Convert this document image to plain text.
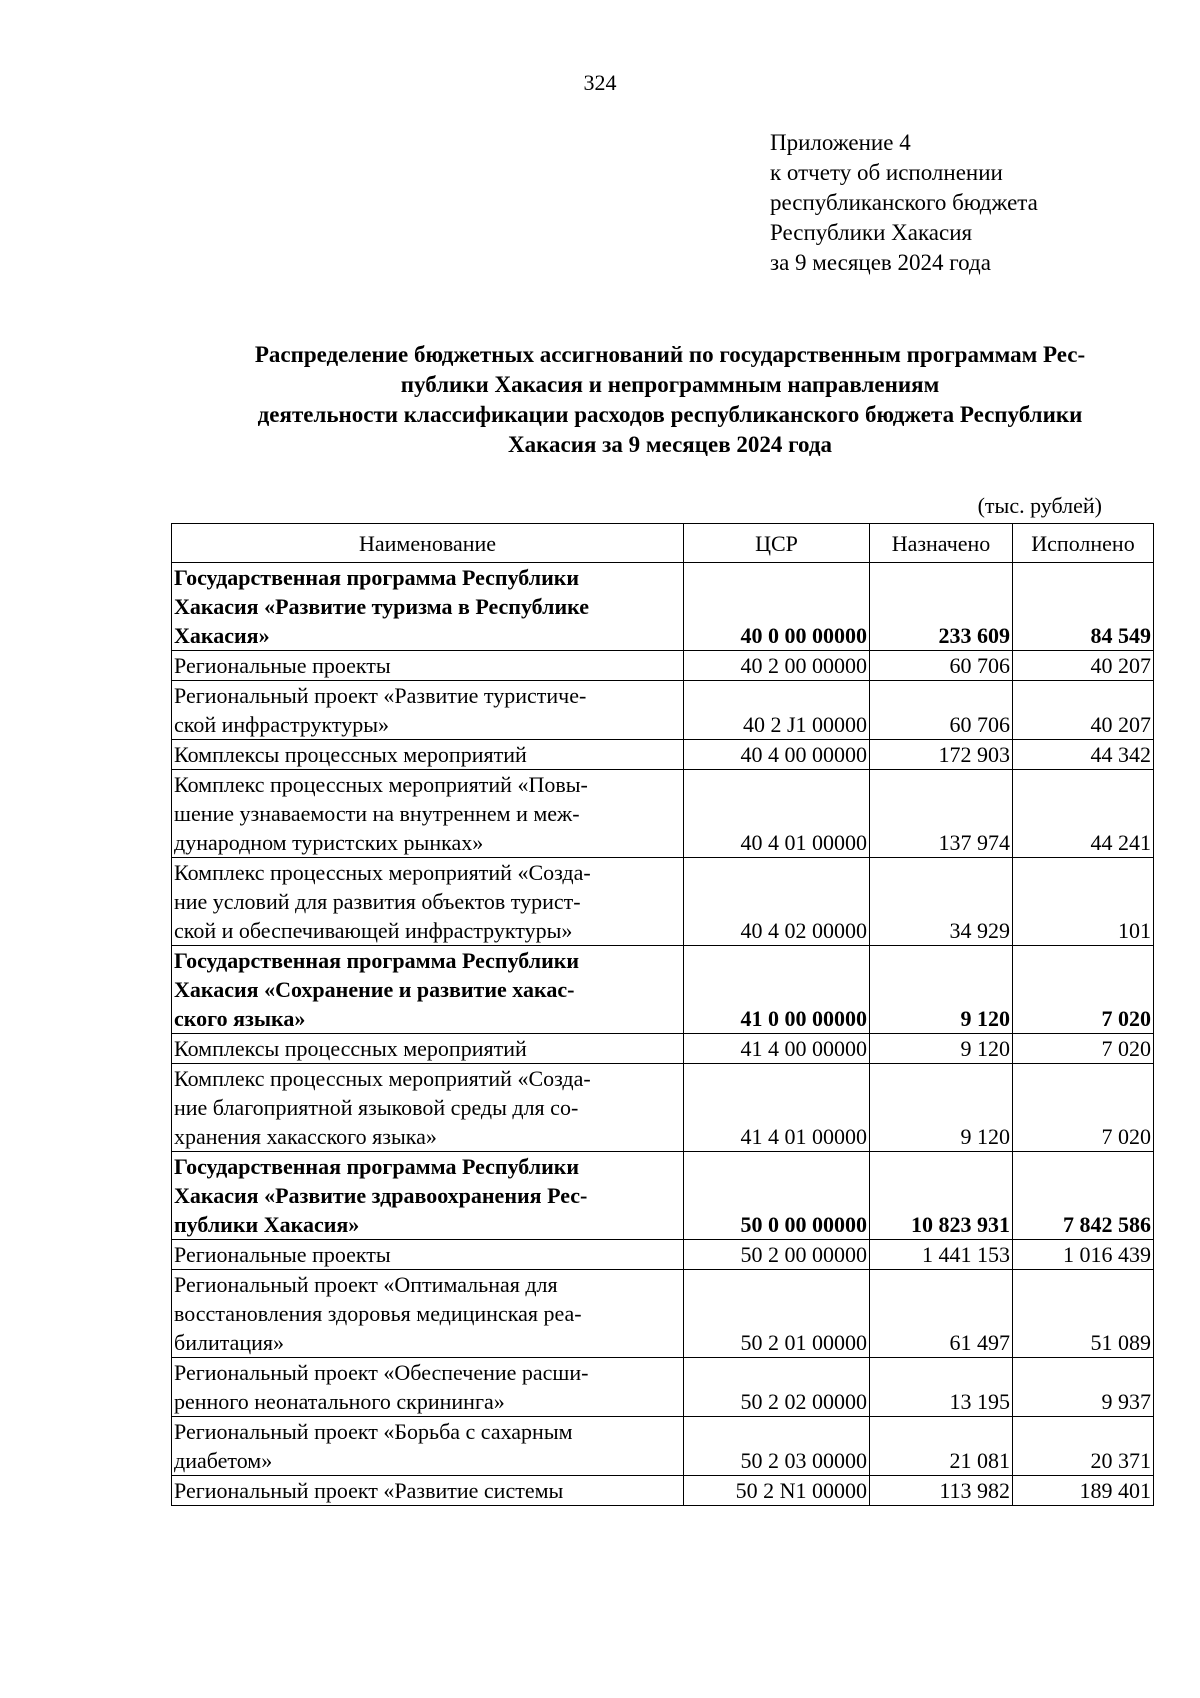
324
Приложение 4
к отчету об исполнении
республиканского бюджета
Республики Хакасия
за 9 месяцев 2024 года
Распределение бюджетных ассигнований по государственным программам Рес-
публики Хакасия и непрограммным направлениям
деятельности классификации расходов республиканского бюджета Республики
Хакасия за 9 месяцев 2024 года
(тыс. рублей)
Наименование	ЦСР	Назначено	Исполнено

Государственная программа Республики
Хакасия «Развитие туризма в Республике
Хакасия»	40 0 00 00000	233 609	84 549

Региональные проекты	40 2 00 00000	60 706	40 207

Региональный проект «Развитие туристиче-
ской инфраструктуры»	40 2 J1 00000	60 706	40 207

Комплексы процессных мероприятий	40 4 00 00000	172 903	44 342

Комплекс процессных мероприятий «Повы-
шение узнаваемости на внутреннем и меж-
дународном туристских рынках»	40 4 01 00000	137 974	44 241

Комплекс процессных мероприятий «Созда-
ние условий для развития объектов турист-
ской и обеспечивающей инфраструктуры»	40 4 02 00000	34 929	101

Государственная программа Республики
Хакасия «Сохранение и развитие хакас-
ского языка»	41 0 00 00000	9 120	7 020

Комплексы процессных мероприятий	41 4 00 00000	9 120	7 020

Комплекс процессных мероприятий «Созда-
ние благоприятной языковой среды для со-
хранения хакасского языка»	41 4 01 00000	9 120	7 020

Государственная программа Республики
Хакасия «Развитие здравоохранения Рес-
публики Хакасия»	50 0 00 00000	10 823 931	7 842 586

Региональные проекты	50 2 00 00000	1 441 153	1 016 439

Региональный проект «Оптимальная для
восстановления здоровья медицинская реа-
билитация»	50 2 01 00000	61 497	51 089

Региональный проект «Обеспечение расши-
ренного неонатального скрининга»	50 2 02 00000	13 195	9 937

Региональный проект «Борьба с сахарным
диабетом»	50 2 03 00000	21 081	20 371

Региональный проект «Развитие системы	50 2 N1 00000	113 982	189 401
